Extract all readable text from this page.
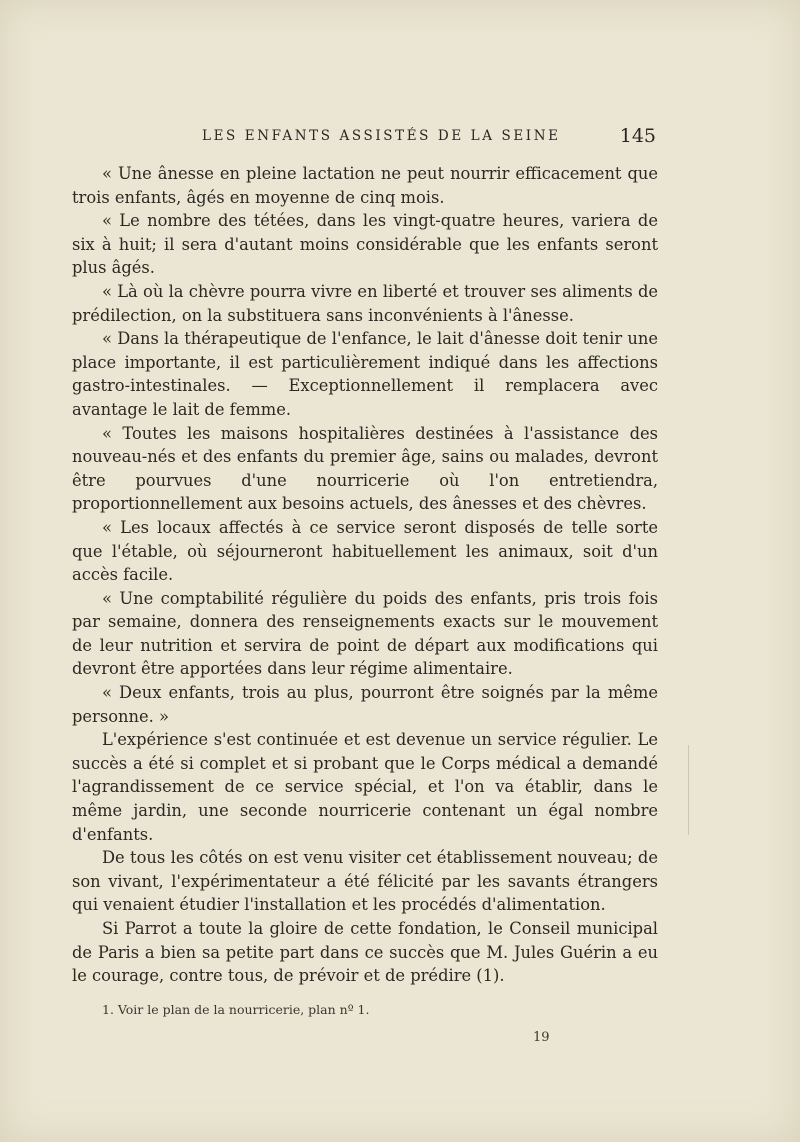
LES ENFANTS ASSISTÉS DE LA SEINE	145

« Une ânesse en pleine lactation ne peut nourrir efficacement que trois enfants, âgés en moyenne de cinq mois.

« Le nombre des tétées, dans les vingt-quatre heures, variera de six à huit; il sera d'autant moins considérable que les enfants seront plus âgés.

« Là où la chèvre pourra vivre en liberté et trouver ses aliments de prédilection, on la substituera sans inconvénients à l'ânesse.

« Dans la thérapeutique de l'enfance, le lait d'ânesse doit tenir une place importante, il est particulièrement indiqué dans les affections gastro-intestinales. — Exceptionnellement il remplacera avec avantage le lait de femme.

« Toutes les maisons hospitalières destinées à l'assistance des nouveau-nés et des enfants du premier âge, sains ou malades, devront être pourvues d'une nourricerie où l'on entretiendra, proportionnellement aux besoins actuels, des ânesses et des chèvres.

« Les locaux affectés à ce service seront disposés de telle sorte que l'étable, où séjourneront habituellement les animaux, soit d'un accès facile.

« Une comptabilité régulière du poids des enfants, pris trois fois par semaine, donnera des renseignements exacts sur le mouvement de leur nutrition et servira de point de départ aux modifications qui devront être apportées dans leur régime alimentaire.

« Deux enfants, trois au plus, pourront être soignés par la même personne. »

L'expérience s'est continuée et est devenue un service régulier. Le succès a été si complet et si probant que le Corps médical a demandé l'agrandissement de ce service spécial, et l'on va établir, dans le même jardin, une seconde nourricerie contenant un égal nombre d'enfants.

De tous les côtés on est venu visiter cet établissement nouveau; de son vivant, l'expérimentateur a été félicité par les savants étrangers qui venaient étudier l'installation et les procédés d'alimentation.

Si Parrot a toute la gloire de cette fondation, le Conseil municipal de Paris a bien sa petite part dans ce succès que M. Jules Guérin a eu le courage, contre tous, de prévoir et de prédire (1).

1. Voir le plan de la nourricerie, plan nº 1.
19
